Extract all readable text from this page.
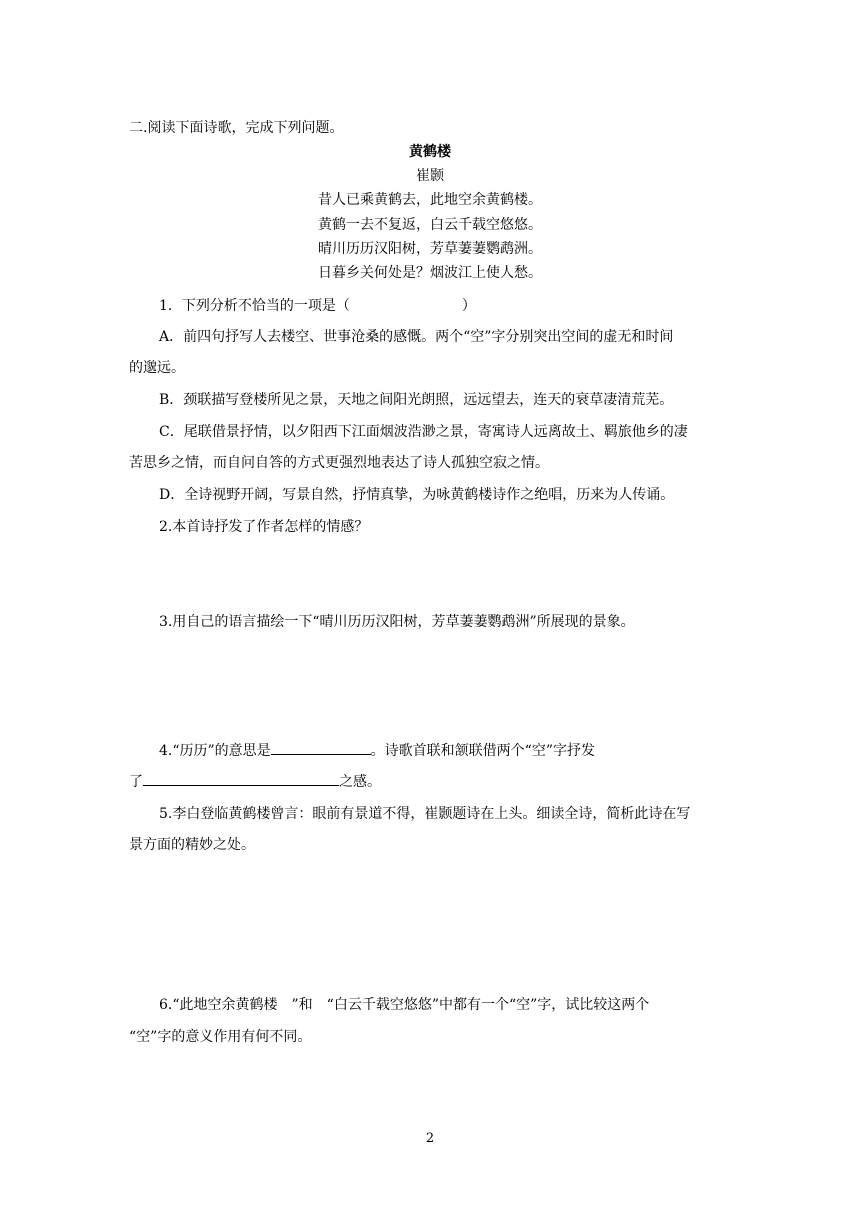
二.阅读下面诗歌，完成下列问题。
黄鹤楼
崔颢
昔人已乘黄鹤去，此地空余黄鹤楼。
黄鹤一去不复返，白云千载空悠悠。
晴川历历汉阳树，芳草萋萋鹦鹉洲。
日暮乡关何处是？烟波江上使人愁。
1．下列分析不恰当的一项是（	）
A．前四句抒写人去楼空、世事沧桑的感慨。两个“空”字分别突出空间的虚无和时间
的邈远。
B．颈联描写登楼所见之景，天地之间阳光朗照，远远望去，连天的衰草凄清荒芜。
C．尾联借景抒情，以夕阳西下江面烟波浩渺之景，寄寓诗人远离故土、羁旅他乡的凄
苦思乡之情，而自问自答的方式更强烈地表达了诗人孤独空寂之情。
D．全诗视野开阔，写景自然，抒情真挚，为咏黄鹤楼诗作之绝唱，历来为人传诵。
2.本首诗抒发了作者怎样的情感？
3.用自己的语言描绘一下“晴川历历汉阳树，芳草萋萋鹦鹉洲”所展现的景象。
4.“历历”的意思是	。诗歌首联和颔联借两个“空”字抒发
了	之感。
5.李白登临黄鹤楼曾言：眼前有景道不得，崔颢题诗在上头。细读全诗，简析此诗在写
景方面的精妙之处。
6.“此地空余黄鹤楼　”和　“白云千载空悠悠”中都有一个“空”字，试比较这两个
“空”字的意义作用有何不同。
2
